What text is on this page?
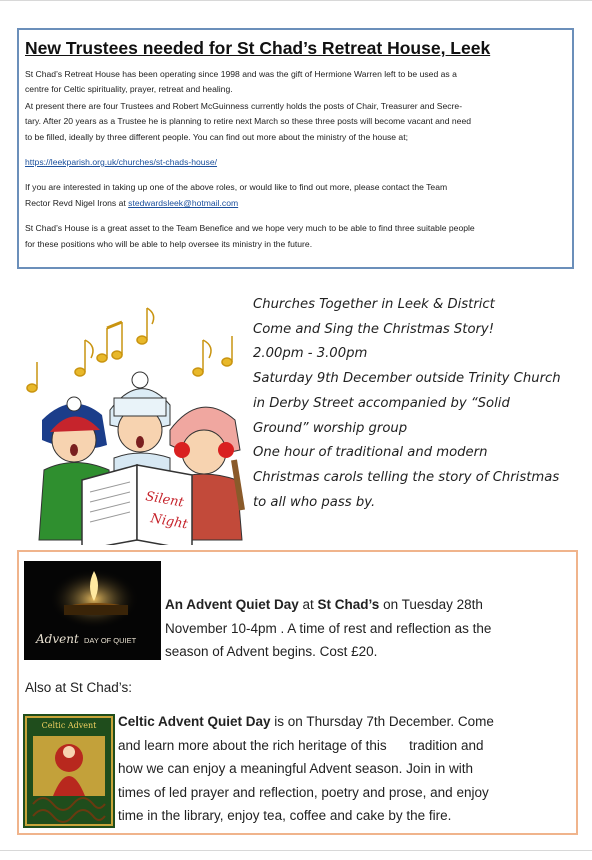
New Trustees needed for St Chad’s Retreat House, Leek

St Chad’s Retreat House has been operating since 1998 and was the gift of Hermione Warren left to be used as a
centre for Celtic spirituality, prayer, retreat and healing.

At present there are four Trustees and Robert McGuinness currently holds the posts of Chair, Treasurer and Secre-
tary. After 20 years as a Trustee he is planning to retire next March so these three posts will become vacant and need
to be filled, ideally by three different people. You can find out more about the ministry of the house at;

https://leekparish.org.uk/churches/st-chads-house/

If you are interested in taking up one of the above roles, or would like to find out more, please contact the Team
Rector Revd Nigel Irons at stedwardsleek@hotmail.com

St Chad’s House is a great asset to the Team Benefice and we hope very much to be able to find three suitable people
for these positions who will be able to help oversee its ministry in the future.

Silent
Night
Churches Together in Leek & District
Come and Sing the Christmas Story!
2.00pm - 3.00pm
Saturday 9th December outside Trinity Church
in Derby Street accompanied by “Solid
Ground” worship group
One hour of traditional and modern
Christmas carols telling the story of Christmas
to all who pass by.
Advent DAY OF QUIET
An Advent Quiet Day at St Chad’s on Tuesday 28th
November 10-4pm . A time of rest and reflection as the
season of Advent begins. Cost £20.
Also at St Chad’s:
Celtic Advent Celtic Advent Quiet Day is on Thursday 7th December. Come
and learn more about the rich heritage of this      tradition and
how we can enjoy a meaningful Advent season. Join in with
times of led prayer and reflection, poetry and prose, and enjoy
time in the library, enjoy tea, coffee and cake by the fire.
